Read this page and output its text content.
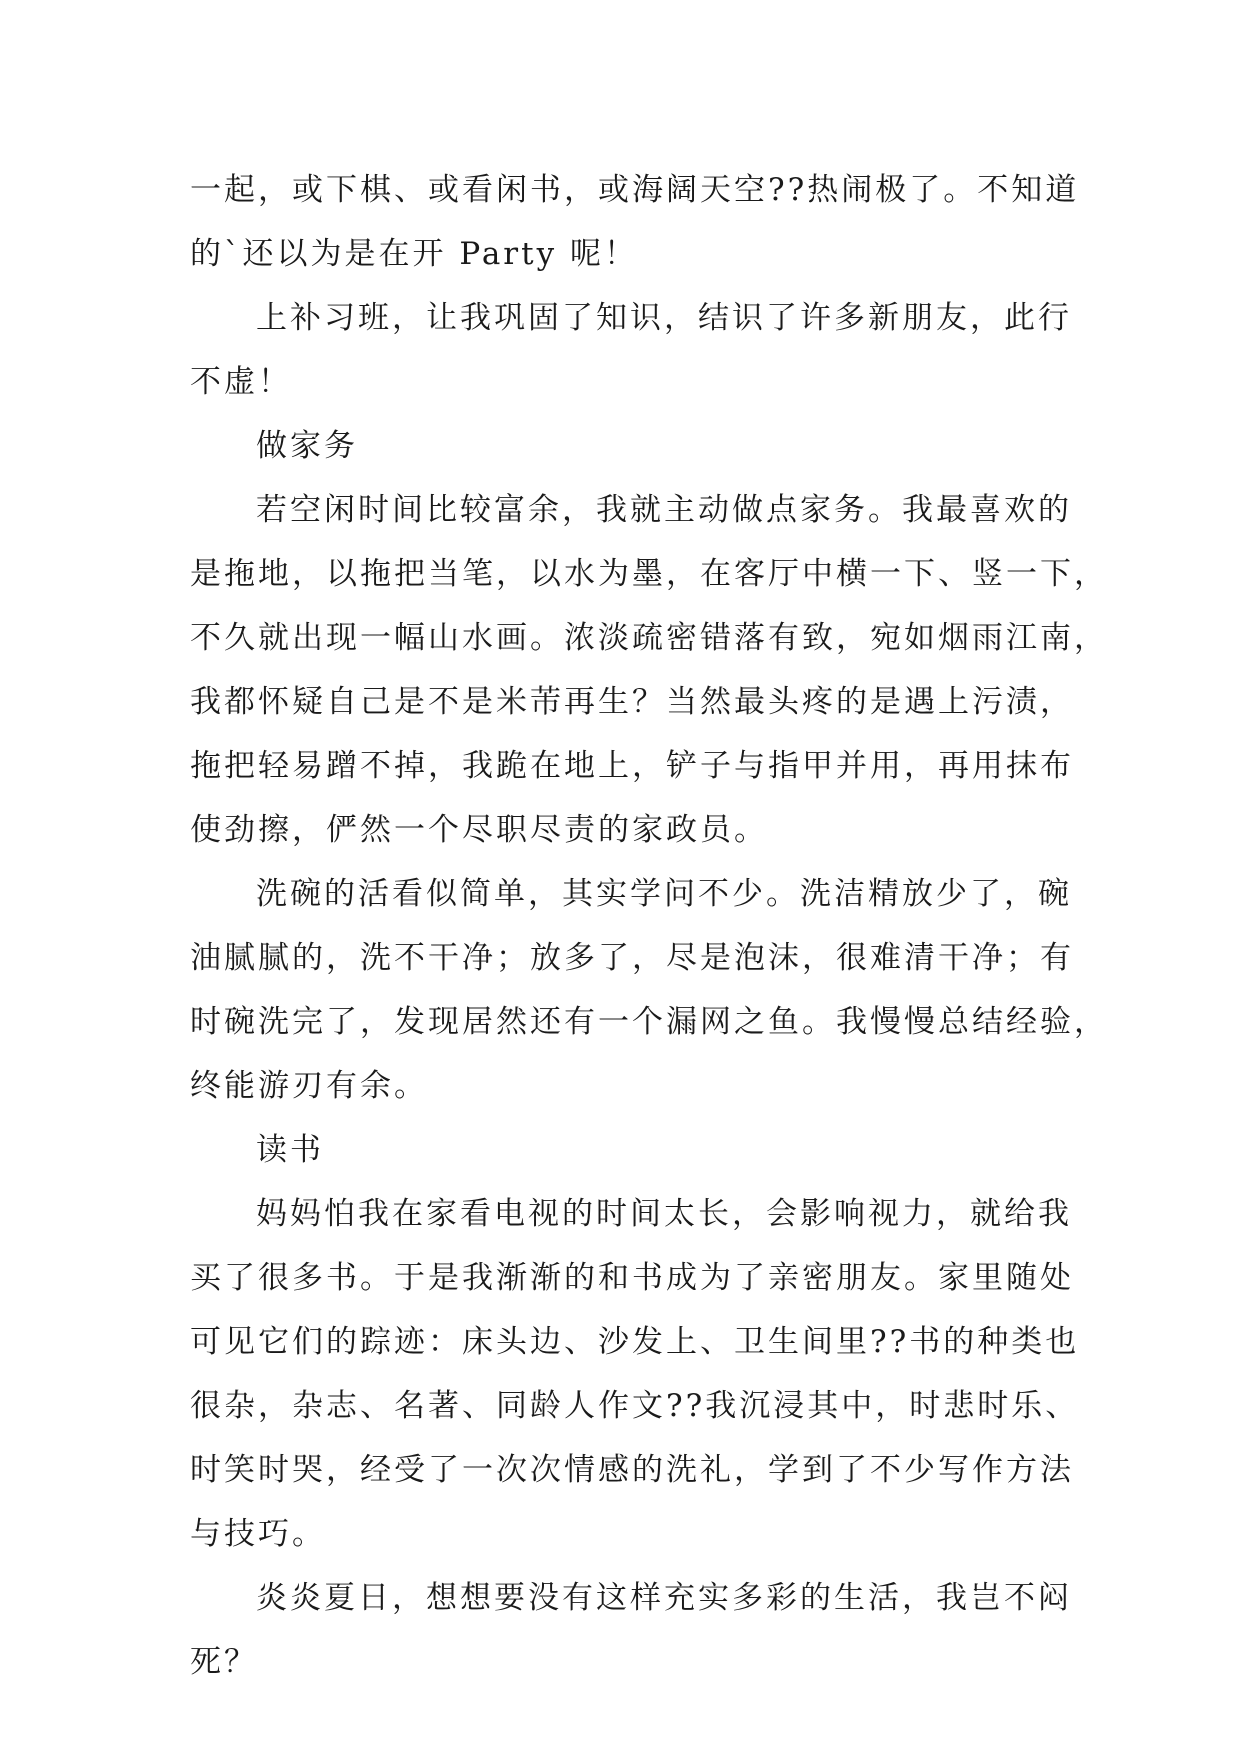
一起，或下棋、或看闲书，或海阔天空??热闹极了。不知道
的`还以为是在开 Party 呢！
上补习班，让我巩固了知识，结识了许多新朋友，此行
不虚！
做家务
若空闲时间比较富余，我就主动做点家务。我最喜欢的
是拖地，以拖把当笔，以水为墨，在客厅中横一下、竖一下，
不久就出现一幅山水画。浓淡疏密错落有致，宛如烟雨江南，
我都怀疑自己是不是米芾再生？当然最头疼的是遇上污渍，
拖把轻易蹭不掉，我跪在地上，铲子与指甲并用，再用抹布
使劲擦，俨然一个尽职尽责的家政员。
洗碗的活看似简单，其实学问不少。洗洁精放少了，碗
油腻腻的，洗不干净；放多了，尽是泡沫，很难清干净；有
时碗洗完了，发现居然还有一个漏网之鱼。我慢慢总结经验，
终能游刃有余。
读书
妈妈怕我在家看电视的时间太长，会影响视力，就给我
买了很多书。于是我渐渐的和书成为了亲密朋友。家里随处
可见它们的踪迹：床头边、沙发上、卫生间里??书的种类也
很杂，杂志、名著、同龄人作文??我沉浸其中，时悲时乐、
时笑时哭，经受了一次次情感的洗礼，学到了不少写作方法
与技巧。
炎炎夏日，想想要没有这样充实多彩的生活，我岂不闷
死？
